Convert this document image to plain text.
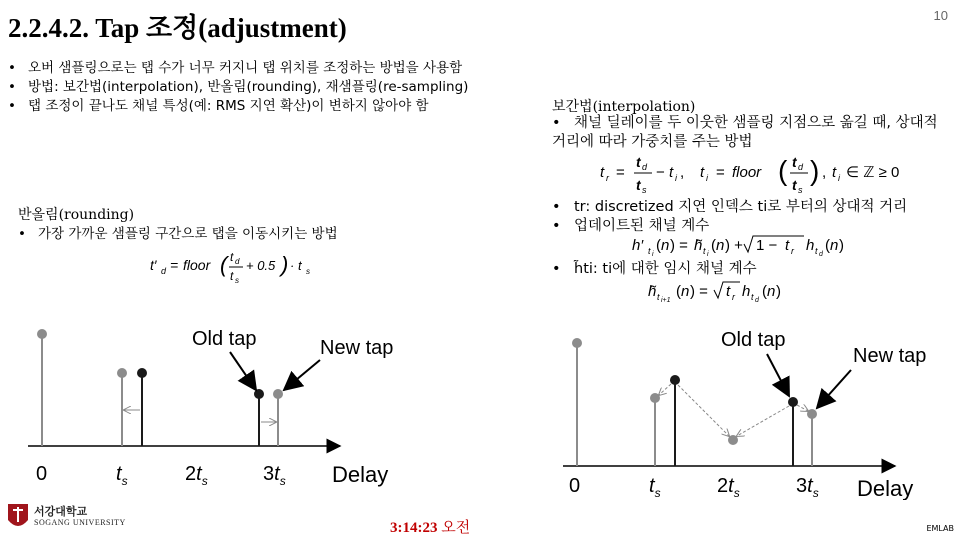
2.2.4.2. Tap 조정(adjustment)	10
• 오버 샘플링으로는 탭 수가 너무 커지니 탭 위치를 조정하는 방법을 사용함
• 방법: 보간법(interpolation), 반올림(rounding), 재샘플링(re-sampling)
• 탭 조정이 끝나도 채널 특성(예: RMS 지연 확산)이 변하지 않아야 함
반올림(rounding)
• 가장 가까운 샘플링 구간으로 탭을 이동시키는 방법
t′ d = floor ( t d
t s
+ 0.5 ) · t s
보간법(interpolation)
• 채널 딜레이를 두 이웃한 샘플링 지점으로 옮길 때, 상대적 거리에 따라 가중치를 주는 방법
t r =
t d
t s
− t i , t i = floor ( t d
t s
) , t i ∈ ℤ ≥ 0
• tr: discretized 지연 인덱스 ti로 부터의 상대적 거리
• 업데이트된 채널 계수
h′ t i
( n ) = h̃ t i
( n ) + 1 − t r h t d
( n )
• h̃ti: ti에 대한 임시 채널 계수
h̃ t i+1
( n ) = t r h t d
( n )
Old tap	New tap
0	$t_s$	$2t_s$	$3t_s$ Delay
Old tap
New tap
0	$t_s$	$2t_s$	$3t_s$ Delay
서강대학교
SOGANG UNIVERSITY	3:14:23 오전	EMLAB
